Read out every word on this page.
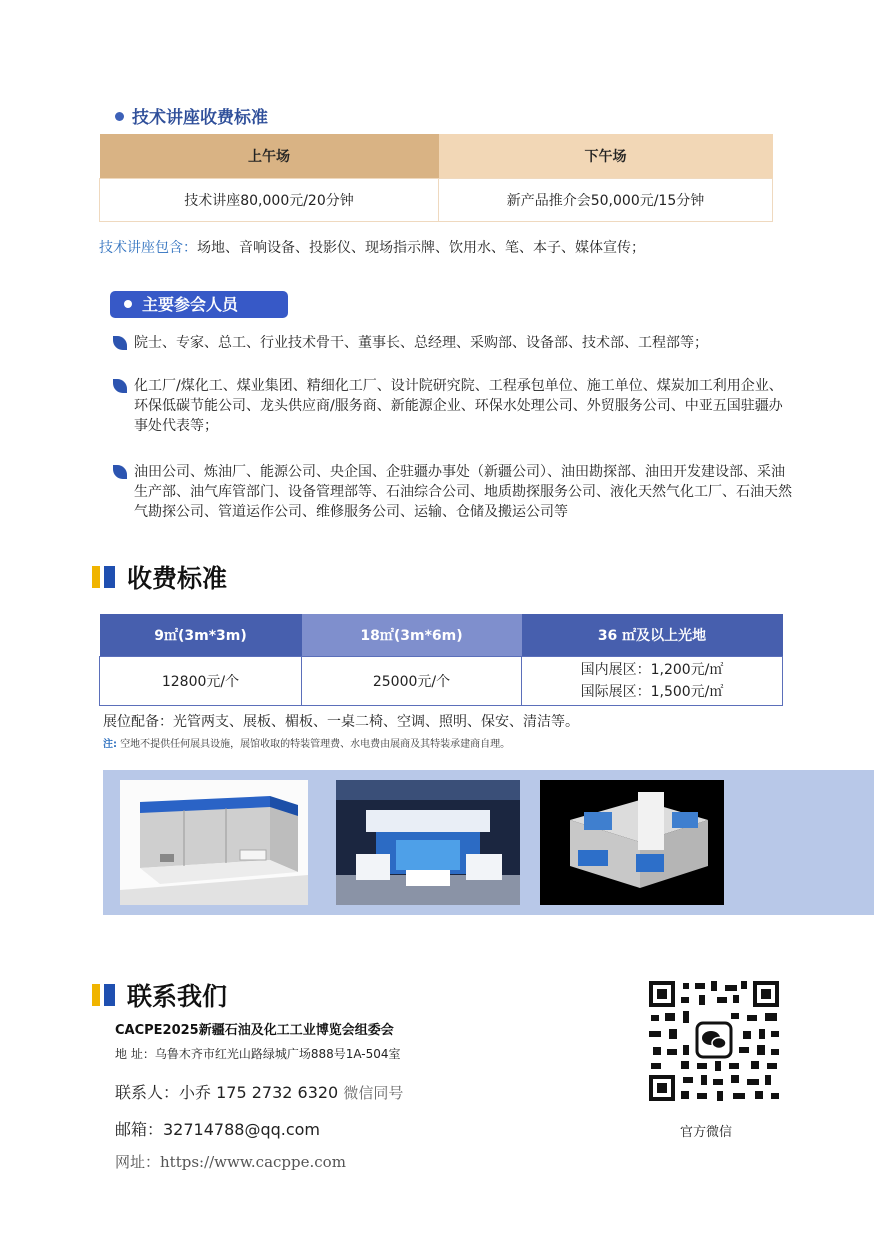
技术讲座收费标准
上午场	下午场
技术讲座80,000元/20分钟	新产品推介会50,000元/15分钟
技术讲座包含：场地、音响设备、投影仪、现场指示牌、饮用水、笔、本子、媒体宣传；
主要参会人员
院士、专家、总工、行业技术骨干、董事长、总经理、采购部、设备部、技术部、工程部等；
化工厂/煤化工、煤业集团、精细化工厂、设计院研究院、工程承包单位、施工单位、煤炭加工利用企业、环保低碳节能公司、龙头供应商/服务商、新能源企业、环保水处理公司、外贸服务公司、中亚五国驻疆办事处代表等；
油田公司、炼油厂、能源公司、央企国、企驻疆办事处（新疆公司）、油田勘探部、油田开发建设部、采油生产部、油气库管部门、设备管理部等、石油综合公司、地质勘探服务公司、液化天然气化工厂、石油天然气勘探公司、管道运作公司、维修服务公司、运输、仓储及搬运公司等
收费标准
9㎡(3m*3m)	18㎡(3m*6m)	36 ㎡及以上光地
12800元/个	25000元/个	国内展区：1,200元/㎡
国际展区：1,500元/㎡
展位配备：光管两支、展板、楣板、一桌二椅、空调、照明、保安、清洁等。
注: 空地不提供任何展具设施，展馆收取的特装管理费、水电费由展商及其特装承建商自理。
联系我们
CACPE2025新疆石油及化工工业博览会组委会
地 址：乌鲁木齐市红光山路绿城广场888号1A-504室
联系人：小乔 175 2732 6320 微信同号
邮箱：32714788@qq.com
网址：https://www.cacppe.com
官方微信
